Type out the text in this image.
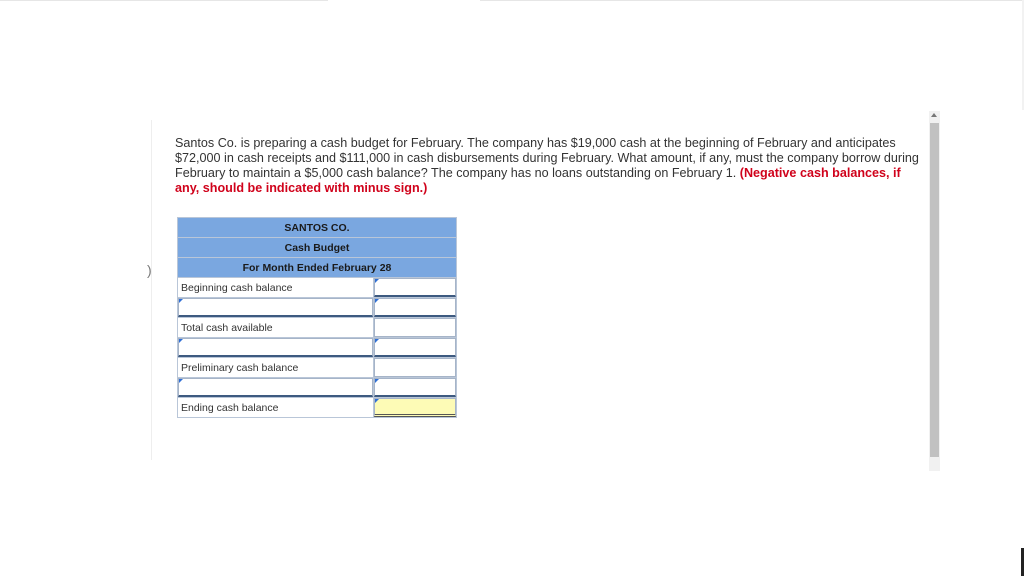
)
Santos Co. is preparing a cash budget for February. The company has $19,000 cash at the beginning of February and anticipates $72,000 in cash receipts and $111,000 in cash disbursements during February. What amount, if any, must the company borrow during February to maintain a $5,000 cash balance? The company has no loans outstanding on February 1. (Negative cash balances, if any, should be indicated with minus sign.)
SANTOS CO.	
Cash Budget	
For Month Ended February 28	
Beginning cash balance	

Total cash available	

Preliminary cash balance	

Ending cash balance	
